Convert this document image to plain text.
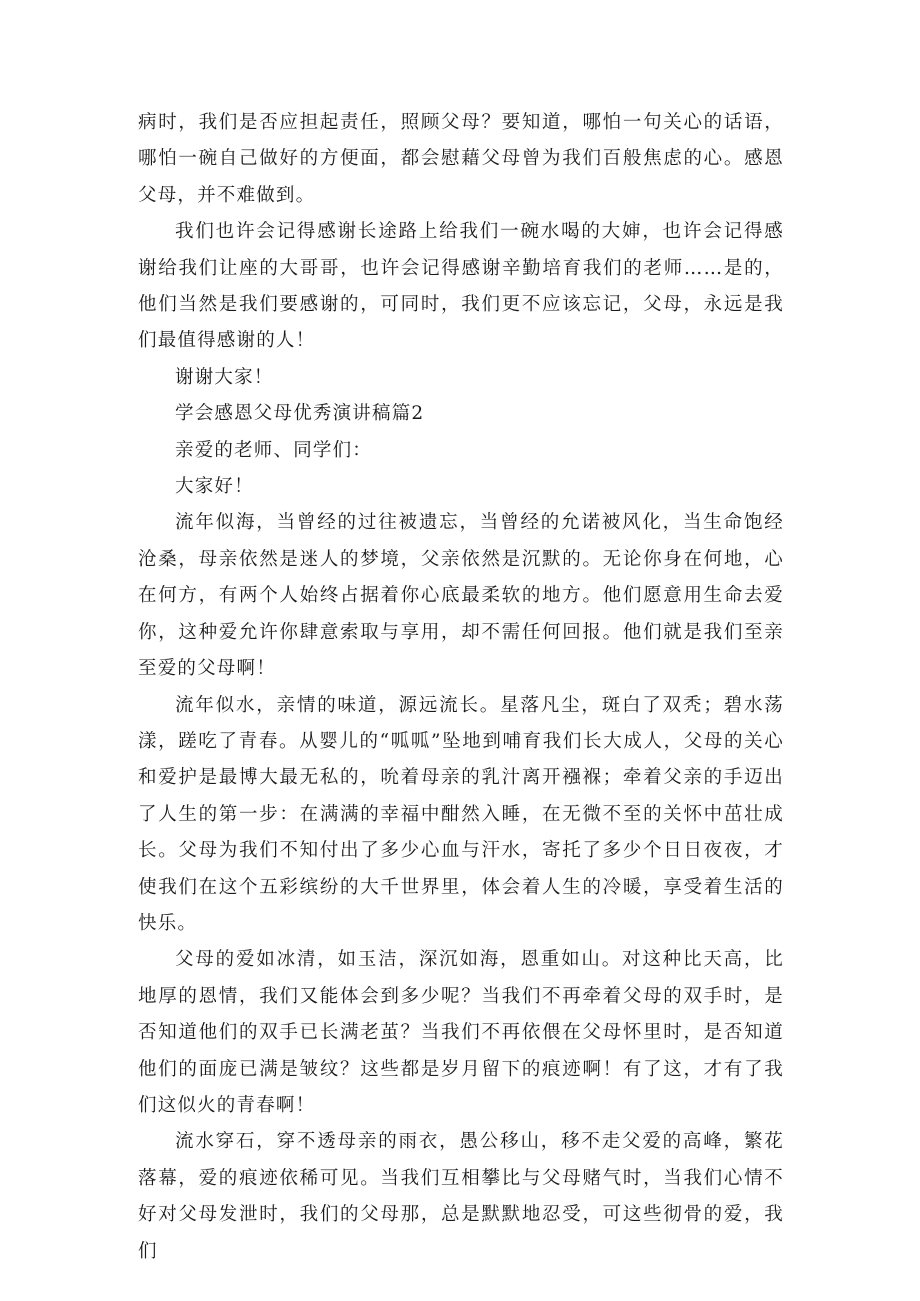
病时，我们是否应担起责任，照顾父母？要知道，哪怕一句关心的话语，哪怕一碗自己做好的方便面，都会慰藉父母曾为我们百般焦虑的心。感恩父母，并不难做到。

我们也许会记得感谢长途路上给我们一碗水喝的大婶，也许会记得感谢给我们让座的大哥哥，也许会记得感谢辛勤培育我们的老师……是的，他们当然是我们要感谢的，可同时，我们更不应该忘记，父母，永远是我们最值得感谢的人！

谢谢大家！

学会感恩父母优秀演讲稿篇2

亲爱的老师、同学们：

大家好！

流年似海，当曾经的过往被遗忘，当曾经的允诺被风化，当生命饱经沧桑，母亲依然是迷人的梦境，父亲依然是沉默的。无论你身在何地，心在何方，有两个人始终占据着你心底最柔软的地方。他们愿意用生命去爱你，这种爱允许你肆意索取与享用，却不需任何回报。他们就是我们至亲至爱的父母啊！

流年似水，亲情的味道，源远流长。星落凡尘，斑白了双秃；碧水荡漾，蹉吃了青春。从婴儿的“呱呱”坠地到哺育我们长大成人，父母的关心和爱护是最博大最无私的，吮着母亲的乳汁离开襁褓；牵着父亲的手迈出了人生的第一步：在满满的幸福中酣然入睡，在无微不至的关怀中茁壮成长。父母为我们不知付出了多少心血与汗水，寄托了多少个日日夜夜，才使我们在这个五彩缤纷的大千世界里，体会着人生的冷暖，享受着生活的快乐。

父母的爱如冰清，如玉洁，深沉如海，恩重如山。对这种比天高，比地厚的恩情，我们又能体会到多少呢？当我们不再牵着父母的双手时，是否知道他们的双手已长满老茧？当我们不再依偎在父母怀里时，是否知道他们的面庞已满是皱纹？这些都是岁月留下的痕迹啊！有了这，才有了我们这似火的青春啊！

流水穿石，穿不透母亲的雨衣，愚公移山，移不走父爱的高峰，繁花落幕，爱的痕迹依稀可见。当我们互相攀比与父母赌气时，当我们心情不好对父母发泄时，我们的父母那，总是默默地忍受，可这些彻骨的爱，我们
